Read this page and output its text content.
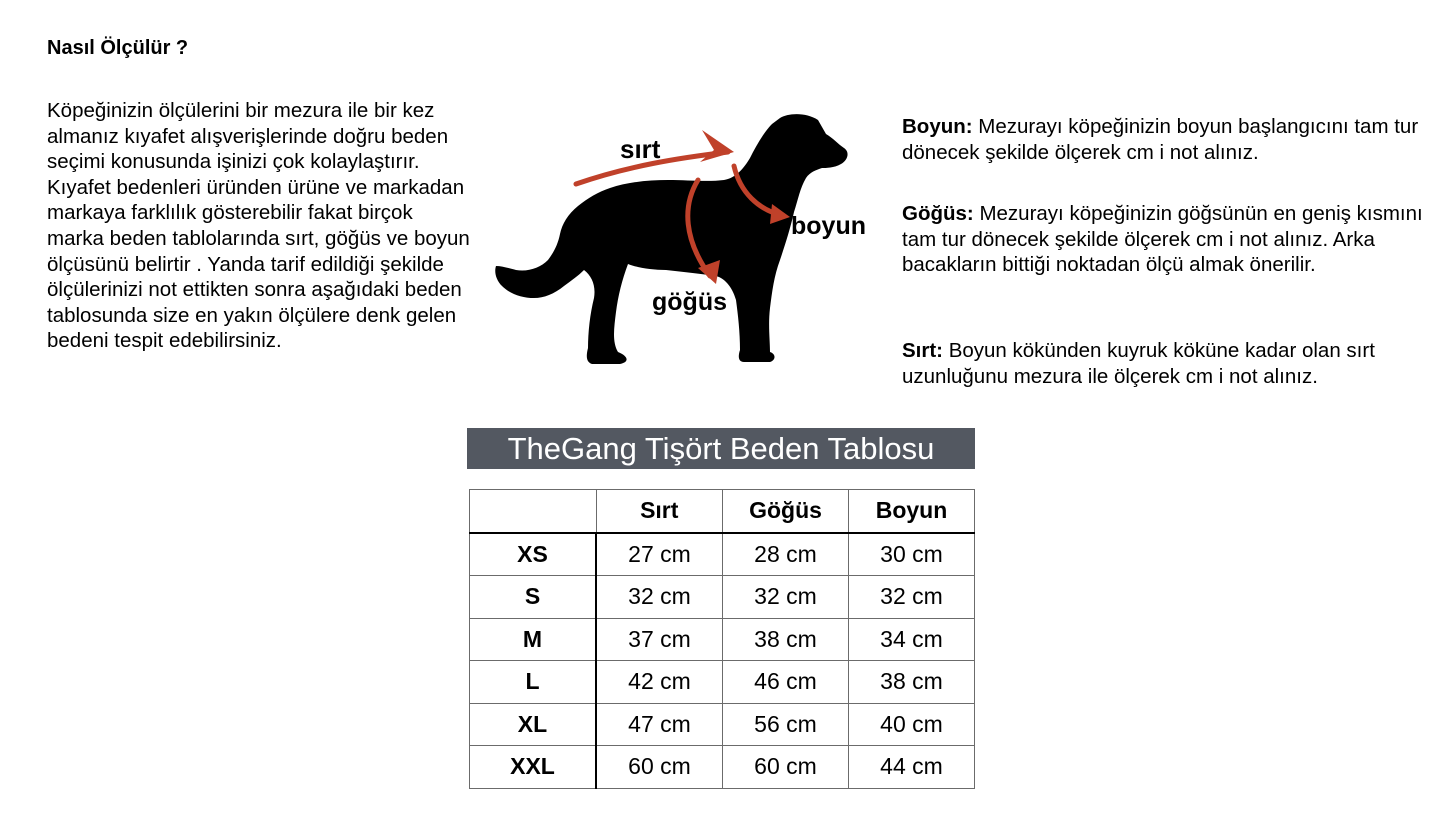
Nasıl Ölçülür ?

Köpeğinizin ölçülerini bir mezura ile bir kez almanız kıyafet alışverişlerinde doğru beden seçimi konusunda işinizi çok kolaylaştırır. Kıyafet bedenleri üründen ürüne ve markadan markaya farklılık gösterebilir fakat birçok marka beden tablolarında sırt, göğüs ve boyun ölçüsünü belirtir . Yanda tarif edildiği şekilde ölçülerinizi not ettikten sonra aşağıdaki beden tablosunda size en yakın ölçülere denk gelen bedeni tespit edebilirsiniz.

sırt
boyun
göğüs

Boyun: Mezurayı köpeğinizin boyun başlangıcını tam tur dönecek şekilde ölçerek cm i not alınız.

Göğüs: Mezurayı köpeğinizin göğsünün en geniş kısmını tam tur dönecek şekilde ölçerek cm i not alınız. Arka bacakların bittiği noktadan ölçü almak önerilir.

Sırt: Boyun kökünden kuyruk köküne kadar olan sırt uzunluğunu mezura ile ölçerek cm i not alınız.

TheGang Tişört Beden Tablosu
	Sırt	Göğüs	Boyun
XS	27 cm	28 cm	30 cm
S	32 cm	32 cm	32 cm
M	37 cm	38 cm	34 cm
L	42 cm	46 cm	38 cm
XL	47 cm	56 cm	40 cm
XXL	60 cm	60 cm	44 cm
